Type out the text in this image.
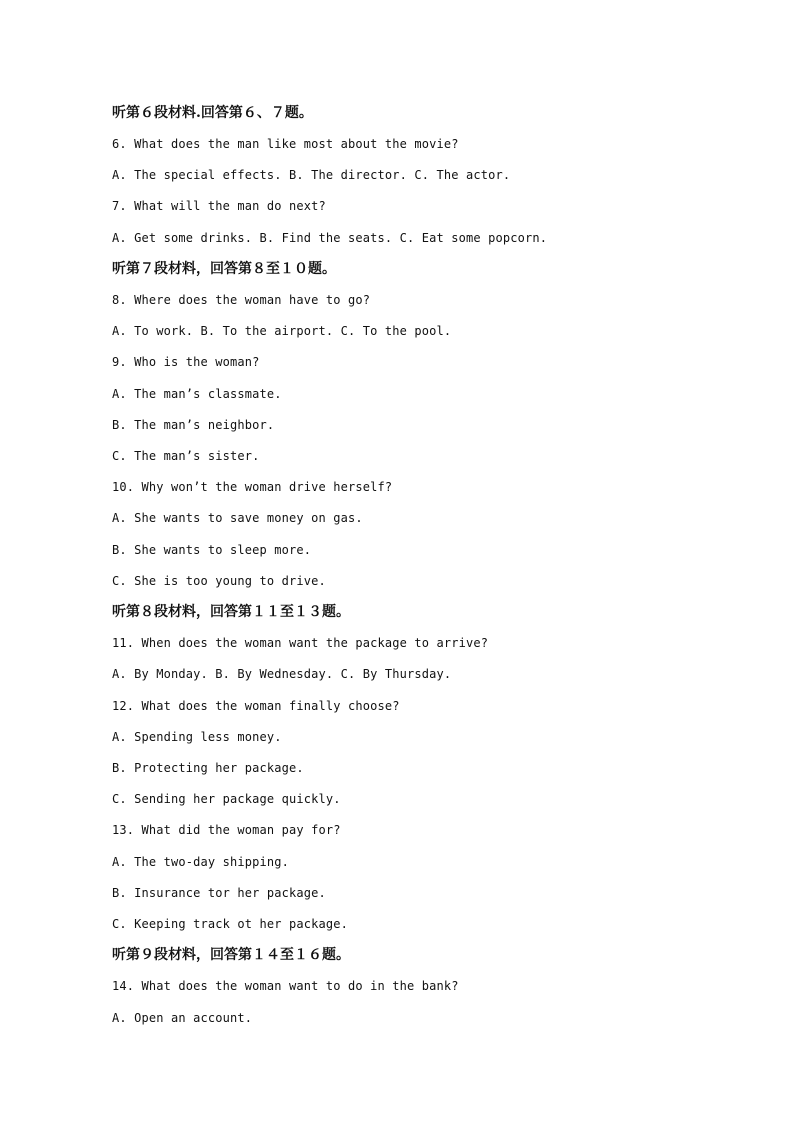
听第６段材料.回答第６、７题。
6. What does the man like most about the movie?
A. The special effects. B. The director. C. The actor.
7. What will the man do next?
A. Get some drinks. B. Find the seats. C. Eat some popcorn.
听第７段材料，回答第８至１０题。
8. Where does the woman have to go?
A. To work. B. To the airport. C. To the pool.
9. Who is the woman?
A. The man’s classmate.
B. The man’s neighbor.
C. The man’s sister.
10. Why won’t the woman drive herself?
A. She wants to save money on gas.
B. She wants to sleep more.
C. She is too young to drive.
听第８段材料，回答第１１至１３题。
11. When does the woman want the package to arrive?
A. By Monday. B. By Wednesday. C. By Thursday.
12. What does the woman finally choose?
A. Spending less money.
B. Protecting her package.
C. Sending her package quickly.
13. What did the woman pay for?
A. The two-day shipping.
B. Insurance tor her package.
C. Keeping track ot her package.
听第９段材料，回答第１４至１６题。
14. What does the woman want to do in the bank?
A. Open an account.
